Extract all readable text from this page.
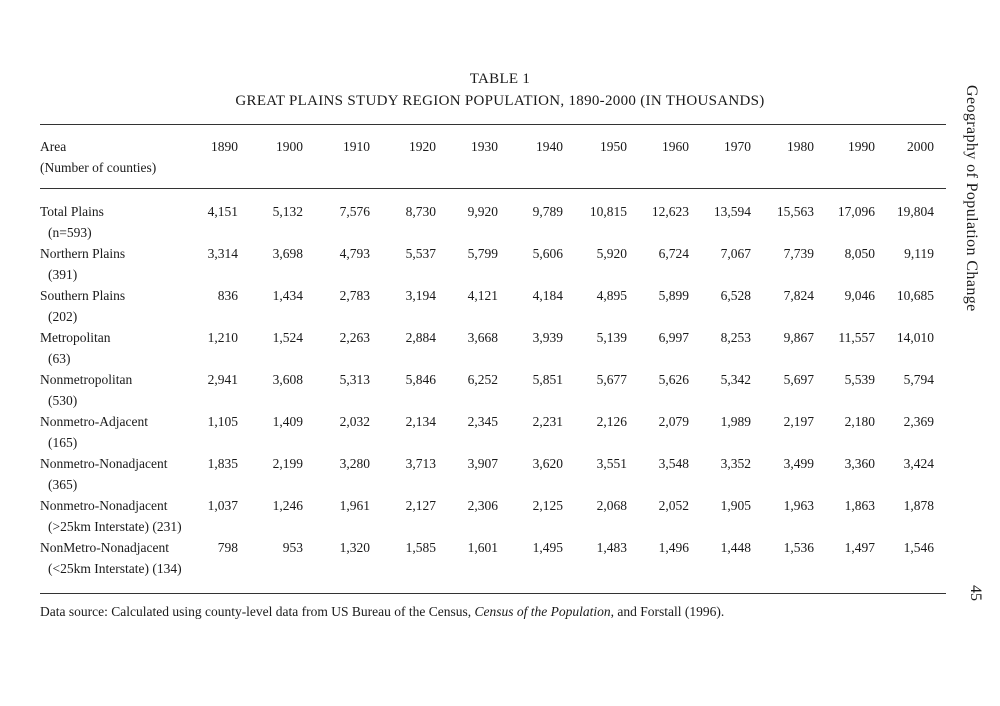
TABLE 1
GREAT PLAINS STUDY REGION POPULATION, 1890-2000 (IN THOUSANDS)
Area
(Number of counties)
1890	1900	1910	1920	1930	1940	1950	1960	1970	1980	1990	2000
Total Plains
(n=593)	4,151	5,132	7,576	8,730	9,920	9,789	10,815	12,623	13,594	15,563	17,096	19,804

Northern Plains
(391)	3,314	3,698	4,793	5,537	5,799	5,606	5,920	6,724	7,067	7,739	8,050	9,119

Southern Plains
(202)	836	1,434	2,783	3,194	4,121	4,184	4,895	5,899	6,528	7,824	9,046	10,685

Metropolitan
(63)	1,210	1,524	2,263	2,884	3,668	3,939	5,139	6,997	8,253	9,867	11,557	14,010

Nonmetropolitan
(530)	2,941	3,608	5,313	5,846	6,252	5,851	5,677	5,626	5,342	5,697	5,539	5,794

Nonmetro-Adjacent
(165)	1,105	1,409	2,032	2,134	2,345	2,231	2,126	2,079	1,989	2,197	2,180	2,369

Nonmetro-Nonadjacent
(365)	1,835	2,199	3,280	3,713	3,907	3,620	3,551	3,548	3,352	3,499	3,360	3,424

Nonmetro-Nonadjacent
(>25km Interstate) (231)	1,037	1,246	1,961	2,127	2,306	2,125	2,068	2,052	1,905	1,963	1,863	1,878

NonMetro-Nonadjacent
(<25km Interstate) (134)	798	953	1,320	1,585	1,601	1,495	1,483	1,496	1,448	1,536	1,497	1,546
Data source: Calculated using county-level data from US Bureau of the Census, Census of the Population, and Forstall (1996).
Geography of Population Change
45
